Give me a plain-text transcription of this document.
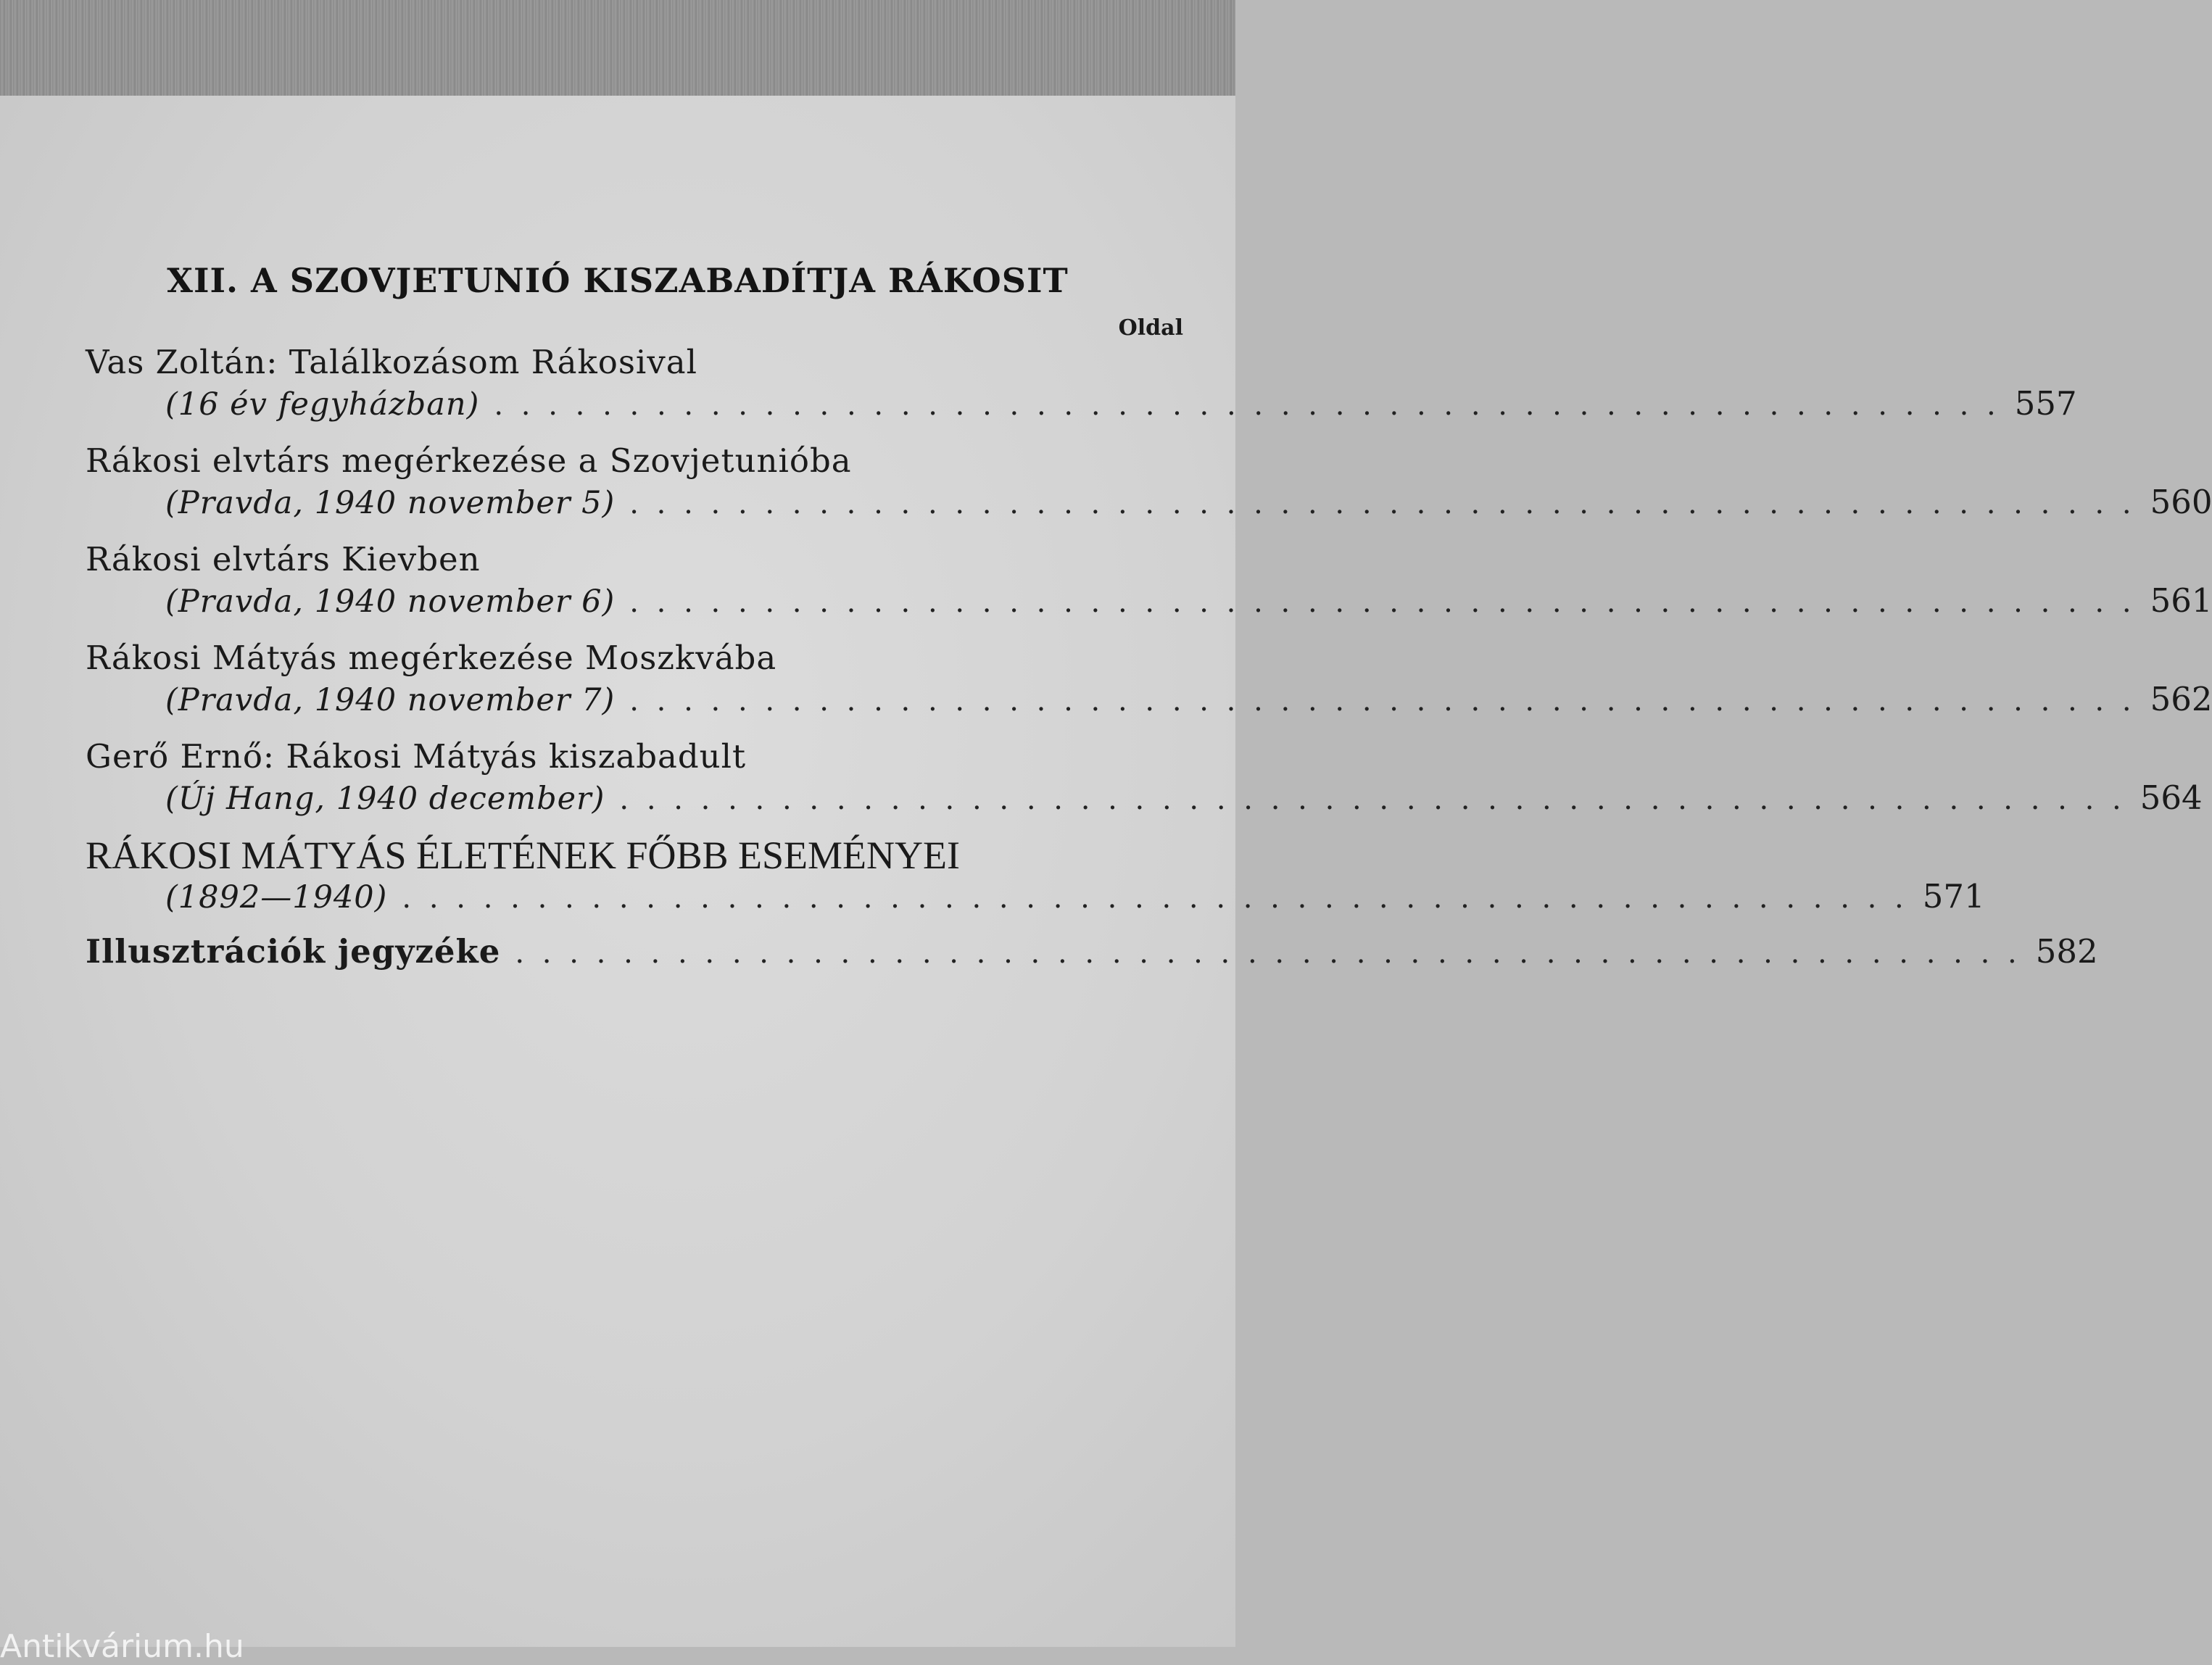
XII. A SZOVJETUNIÓ KISZABADÍTJA RÁKOSIT
Oldal
Vas Zoltán: Találkozásom Rákosival
(16 év fegyházban) . . . . . . . . . . . . . . . . . . . . . . . . . . . . . . . . . . . . . . . . . . . . . . . . . . . . . . . . 557
Rákosi elvtárs megérkezése a Szovjetunióba
(Pravda, 1940 november 5) . . . . . . . . . . . . . . . . . . . . . . . . . . . . . . . . . . . . . . . . . . . . . . . . . . . . . . . . 560
Rákosi elvtárs Kievben
(Pravda, 1940 november 6) . . . . . . . . . . . . . . . . . . . . . . . . . . . . . . . . . . . . . . . . . . . . . . . . . . . . . . . . 561
Rákosi Mátyás megérkezése Moszkvába
(Pravda, 1940 november 7) . . . . . . . . . . . . . . . . . . . . . . . . . . . . . . . . . . . . . . . . . . . . . . . . . . . . . . . . 562
Gerő Ernő: Rákosi Mátyás kiszabadult
(Új Hang, 1940 december) . . . . . . . . . . . . . . . . . . . . . . . . . . . . . . . . . . . . . . . . . . . . . . . . . . . . . . . . 564
RÁKOSI MÁTYÁS ÉLETÉNEK FŐBB ESEMÉNYEI
(1892—1940) . . . . . . . . . . . . . . . . . . . . . . . . . . . . . . . . . . . . . . . . . . . . . . . . . . . . . . . . 571
Illusztrációk jegyzéke . . . . . . . . . . . . . . . . . . . . . . . . . . . . . . . . . . . . . . . . . . . . . . . . . . . . . . . . 582
Antikvárium.hu
